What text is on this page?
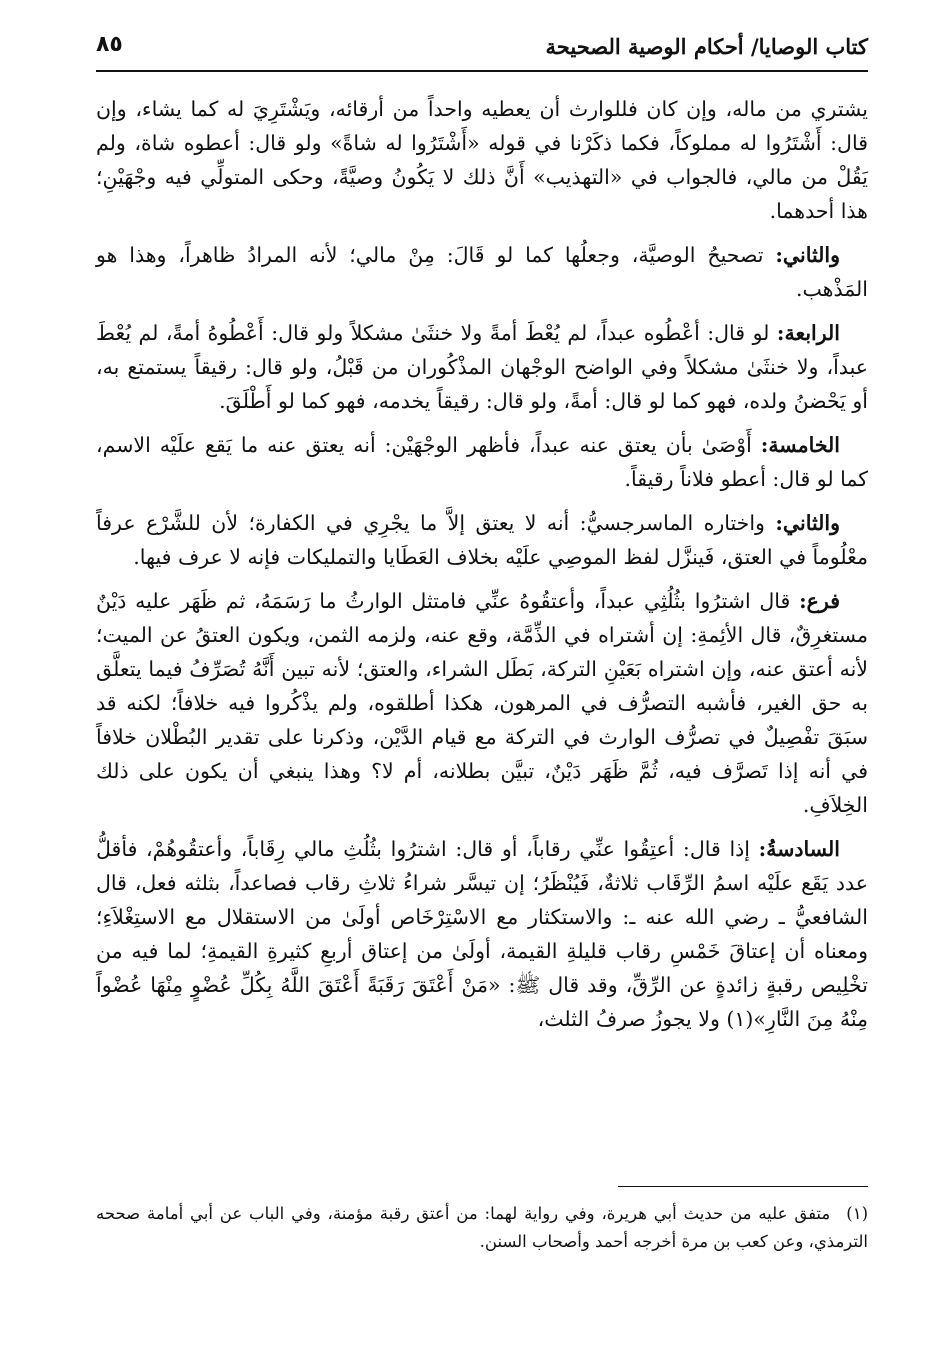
كتاب الوصايا/ أحكام الوصية الصحيحة
٨٥

يشتري من ماله، وإن كان فللوارث أن يعطيه واحداً من أرقائه، ويَشْتَرِيَ له كما يشاء، وإن قال: أَشْتَرُوا له مملوكاً، فكما ذكَرْنا في قوله «أَشْتَرُوا له شاةً» ولو قال: أعطوه شاة، ولم يَقُلْ من مالي، فالجواب في «التهذيب» أَنَّ ذلك لا يَكُونُ وصيَّةً، وحكى المتولِّي فيه وجْهَيْنِ؛ هذا أحدهما.

والثاني: تصحيحُ الوصيَّة، وجعلُها كما لو قَالَ: مِنْ مالي؛ لأنه المرادُ ظاهراً، وهذا هو المَذْهب.

الرابعة: لو قال: أعْطُوه عبداً، لم يُعْطَ أمةً ولا خنثَىٰ مشكلاً ولو قال: أَعْطُوهُ أمةً، لم يُعْطَ عبداً، ولا خنثَىٰ مشكلاً وفي الواضح الوجْهان المذْكُوران من قَبْلُ، ولو قال: رقيقاً يستمتع به، أو يَحْضنُ ولده، فهو كما لو قال: أمةً، ولو قال: رقيقاً يخدمه، فهو كما لو أَطْلَقَ.

الخامسة: أَوْصَىٰ بأن يعتق عنه عبداً، فأظهر الوجْهَيْن: أنه يعتق عنه ما يَقع علَيْه الاسم، كما لو قال: أعطو فلاناً رقيقاً.

والثاني: واختاره الماسرجسيُّ: أنه لا يعتق إلاَّ ما يجْرِي في الكفارة؛ لأن للشَّرْع عرفاً معْلُوماً في العتق، فَينزَّل لفظ الموصِي علَيْه بخلاف العَطَايا والتمليكات فإنه لا عرف فيها.

فرع: قال اشترُوا بثُلُثِي عبداً، وأعتقُوهُ عنِّي فامتثل الوارثُ ما رَسَمَهُ، ثم ظَهَر عليه دَيْنٌ مستغرِقٌ، قال الأئِمةِ: إن أشتراه في الذِّمَّة، وقع عنه، ولزمه الثمن، ويكون العتقُ عن الميت؛ لأنه أعتق عنه، وإن اشتراه بَعَيْنِ التركة، بَطَل الشراء، والعتق؛ لأنه تبين أَنَّهُ تُصَرِّفُ فيما يتعلَّق به حق الغير، فأشبه التصرُّف في المرهون، هكذا أطلقوه، ولم يذْكُروا فيه خلافاً؛ لكنه قد سبَقَ تفْصِيلٌ في تصرُّف الوارث في التركة مع قيام الدَّيْن، وذكرنا على تقدير البُطْلان خلافاً في أنه إذا تَصرَّف فيه، ثُمَّ ظَهَر دَيْنٌ، تبيَّن بطلانه، أم لا؟ وهذا ينبغي أن يكون على ذلك الخِلاَفِ.

السادسةُ: إذا قال: أعتِقُوا عنِّي رقاباً، أو قال: اشترُوا بثُلُثِ مالي رِقَاباً، وأعتقُوهُمْ، فأقلُّ عدد يَقَع علَيْه اسمُ الرِّقَاب ثلاثةٌ، فَيُنْظَرُ؛ إن تيسَّر شراءُ ثلاثِ رقاب فصاعداً، بثلثه فعل، قال الشافعيُّ ـ رضي الله عنه ـ: والاستكثار مع الاسْتِرْخَاص أولَىٰ من الاستقلال مع الاستِغْلاَءِ؛ ومعناه أن إعتاقَ خَمْسِ رقاب قليلةِ القيمة، أولَىٰ من إعتاق أربعِ كثيرةِ القيمةِ؛ لما فيه من تخْلِيص رقبةٍ زائدةٍ عن الرِّقِّ، وقد قال ﷺ: «مَنْ أَعْتَقَ رَقَبَةً أَعْتَقَ اللَّهُ بِكُلِّ عُضْوٍ مِنْهَا عُضْواً مِنْهُ مِنَ النَّارِ»(١) ولا يجوزُ صرفُ الثلث،

(١)متفق عليه من حديث أبي هريرة، وفي رواية لهما: من أعتق رقبة مؤمنة، وفي الباب عن أبي أمامة صححه الترمذي، وعن كعب بن مرة أخرجه أحمد وأصحاب السنن.
